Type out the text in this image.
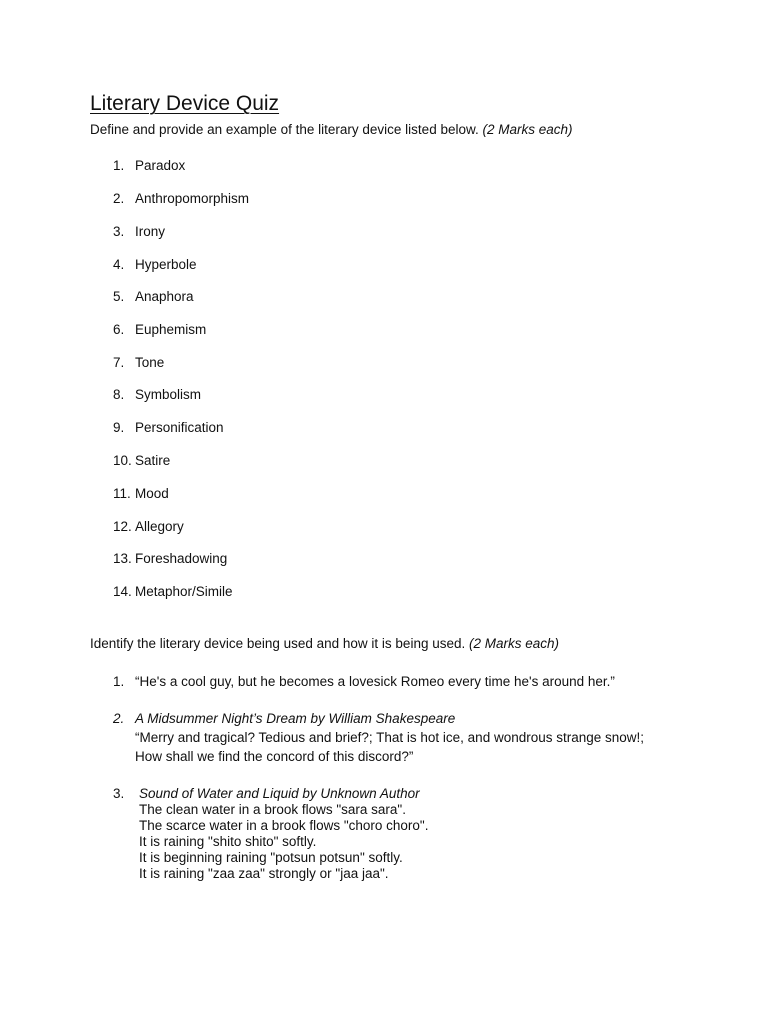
Literary Device Quiz
Define and provide an example of the literary device listed below. (2 Marks each)
1. Paradox
2. Anthropomorphism
3. Irony
4. Hyperbole
5. Anaphora
6. Euphemism
7. Tone
8. Symbolism
9. Personification
10. Satire
11. Mood
12. Allegory
13. Foreshadowing
14. Metaphor/Simile
Identify the literary device being used and how it is being used. (2 Marks each)
1. “He's a cool guy, but he becomes a lovesick Romeo every time he's around her.”
2. A Midsummer Night’s Dream by William Shakespeare
“Merry and tragical? Tedious and brief?; That is hot ice, and wondrous strange snow!;
How shall we find the concord of this discord?”
3. Sound of Water and Liquid by Unknown Author
The clean water in a brook flows "sara sara".
The scarce water in a brook flows "choro choro".
It is raining "shito shito" softly.
It is beginning raining "potsun potsun" softly.
It is raining "zaa zaa" strongly or "jaa jaa".
